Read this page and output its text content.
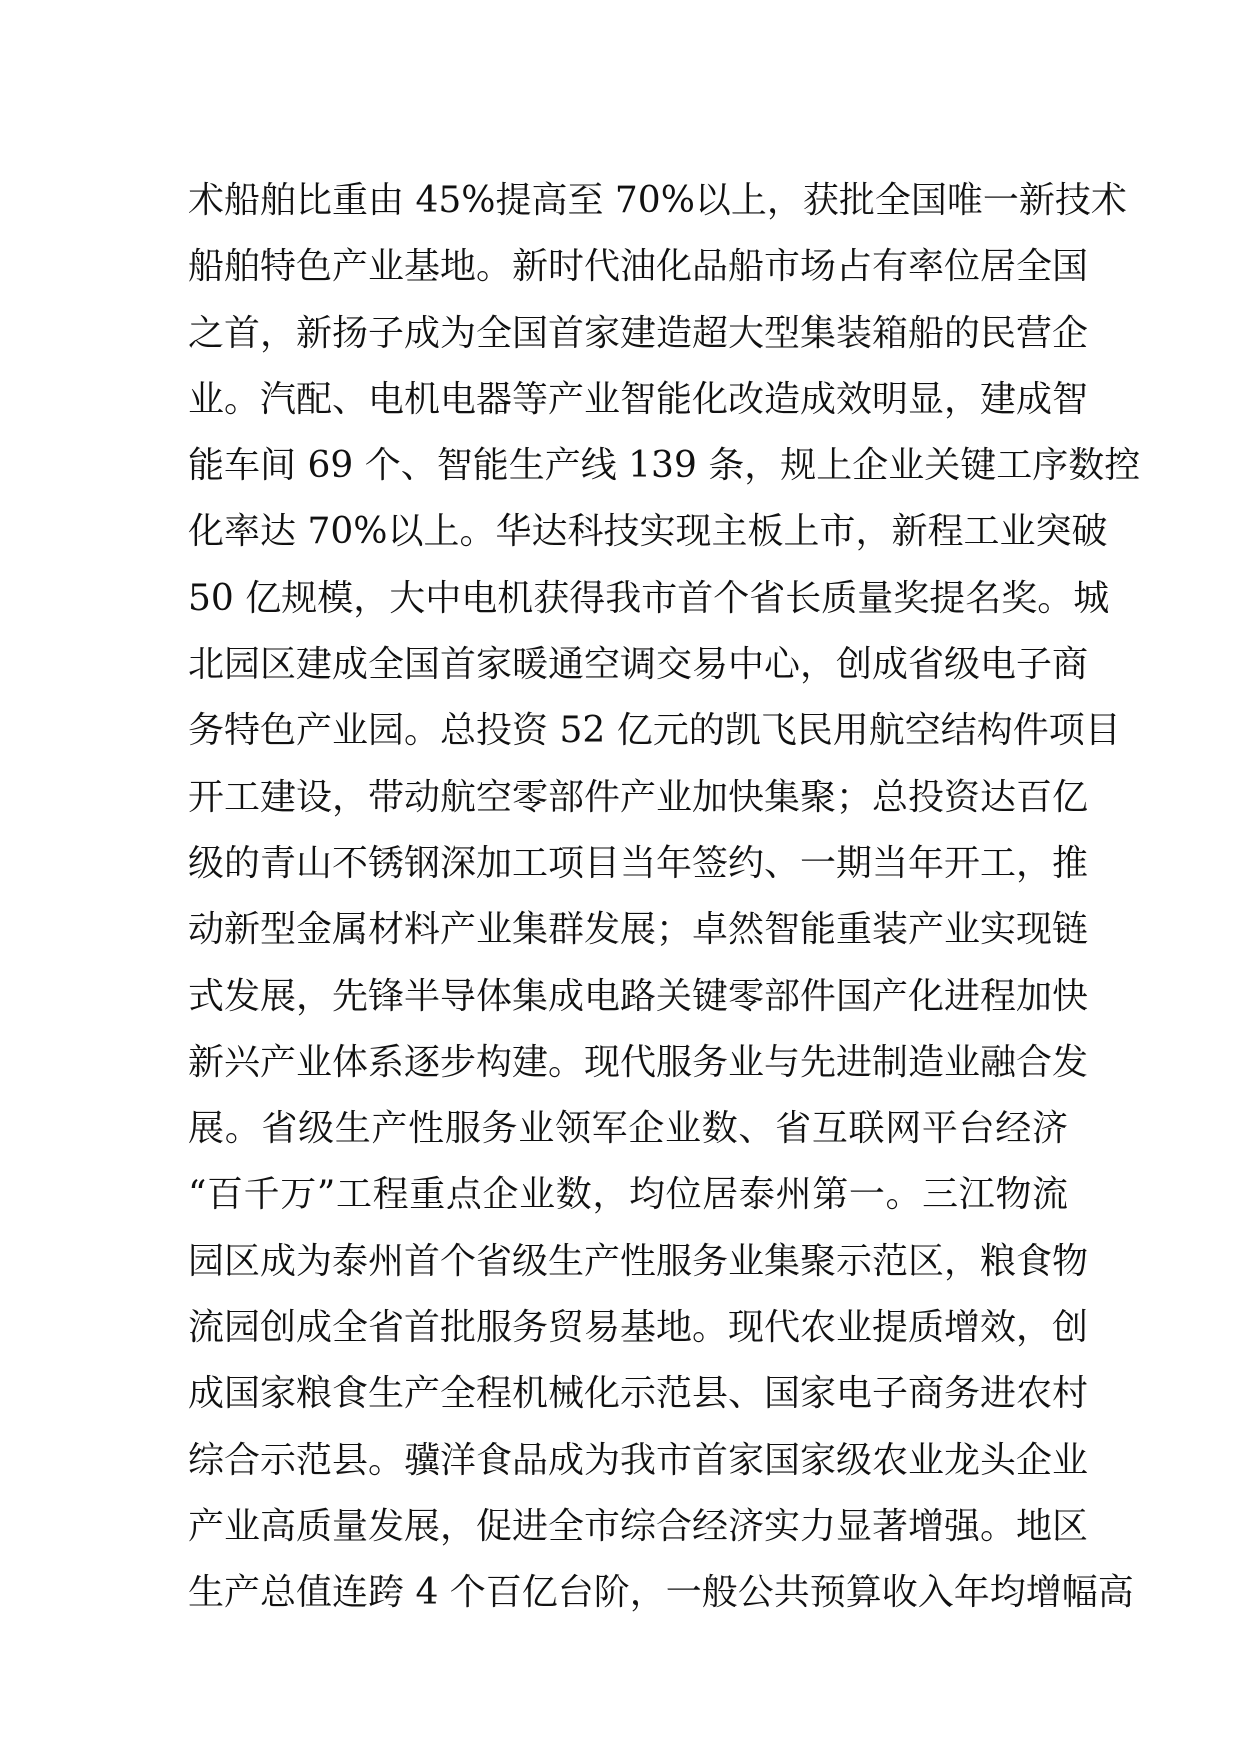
术船舶比重由 45%提高至 70%以上，获批全国唯一新技术
船舶特色产业基地。新时代油化品船市场占有率位居全国
之首，新扬子成为全国首家建造超大型集装箱船的民营企
业。汽配、电机电器等产业智能化改造成效明显，建成智
能车间 69 个、智能生产线 139 条，规上企业关键工序数控
化率达 70%以上。华达科技实现主板上市，新程工业突破
50 亿规模，大中电机获得我市首个省长质量奖提名奖。城
北园区建成全国首家暖通空调交易中心，创成省级电子商
务特色产业园。总投资 52 亿元的凯飞民用航空结构件项目
开工建设，带动航空零部件产业加快集聚；总投资达百亿
级的青山不锈钢深加工项目当年签约、一期当年开工，推
动新型金属材料产业集群发展；卓然智能重装产业实现链
式发展，先锋半导体集成电路关键零部件国产化进程加快
新兴产业体系逐步构建。现代服务业与先进制造业融合发
展。省级生产性服务业领军企业数、省互联网平台经济
“百千万”工程重点企业数，均位居泰州第一。三江物流
园区成为泰州首个省级生产性服务业集聚示范区，粮食物
流园创成全省首批服务贸易基地。现代农业提质增效，创
成国家粮食生产全程机械化示范县、国家电子商务进农村
综合示范县。骥洋食品成为我市首家国家级农业龙头企业
产业高质量发展，促进全市综合经济实力显著增强。地区
生产总值连跨 4 个百亿台阶，一般公共预算收入年均增幅高
